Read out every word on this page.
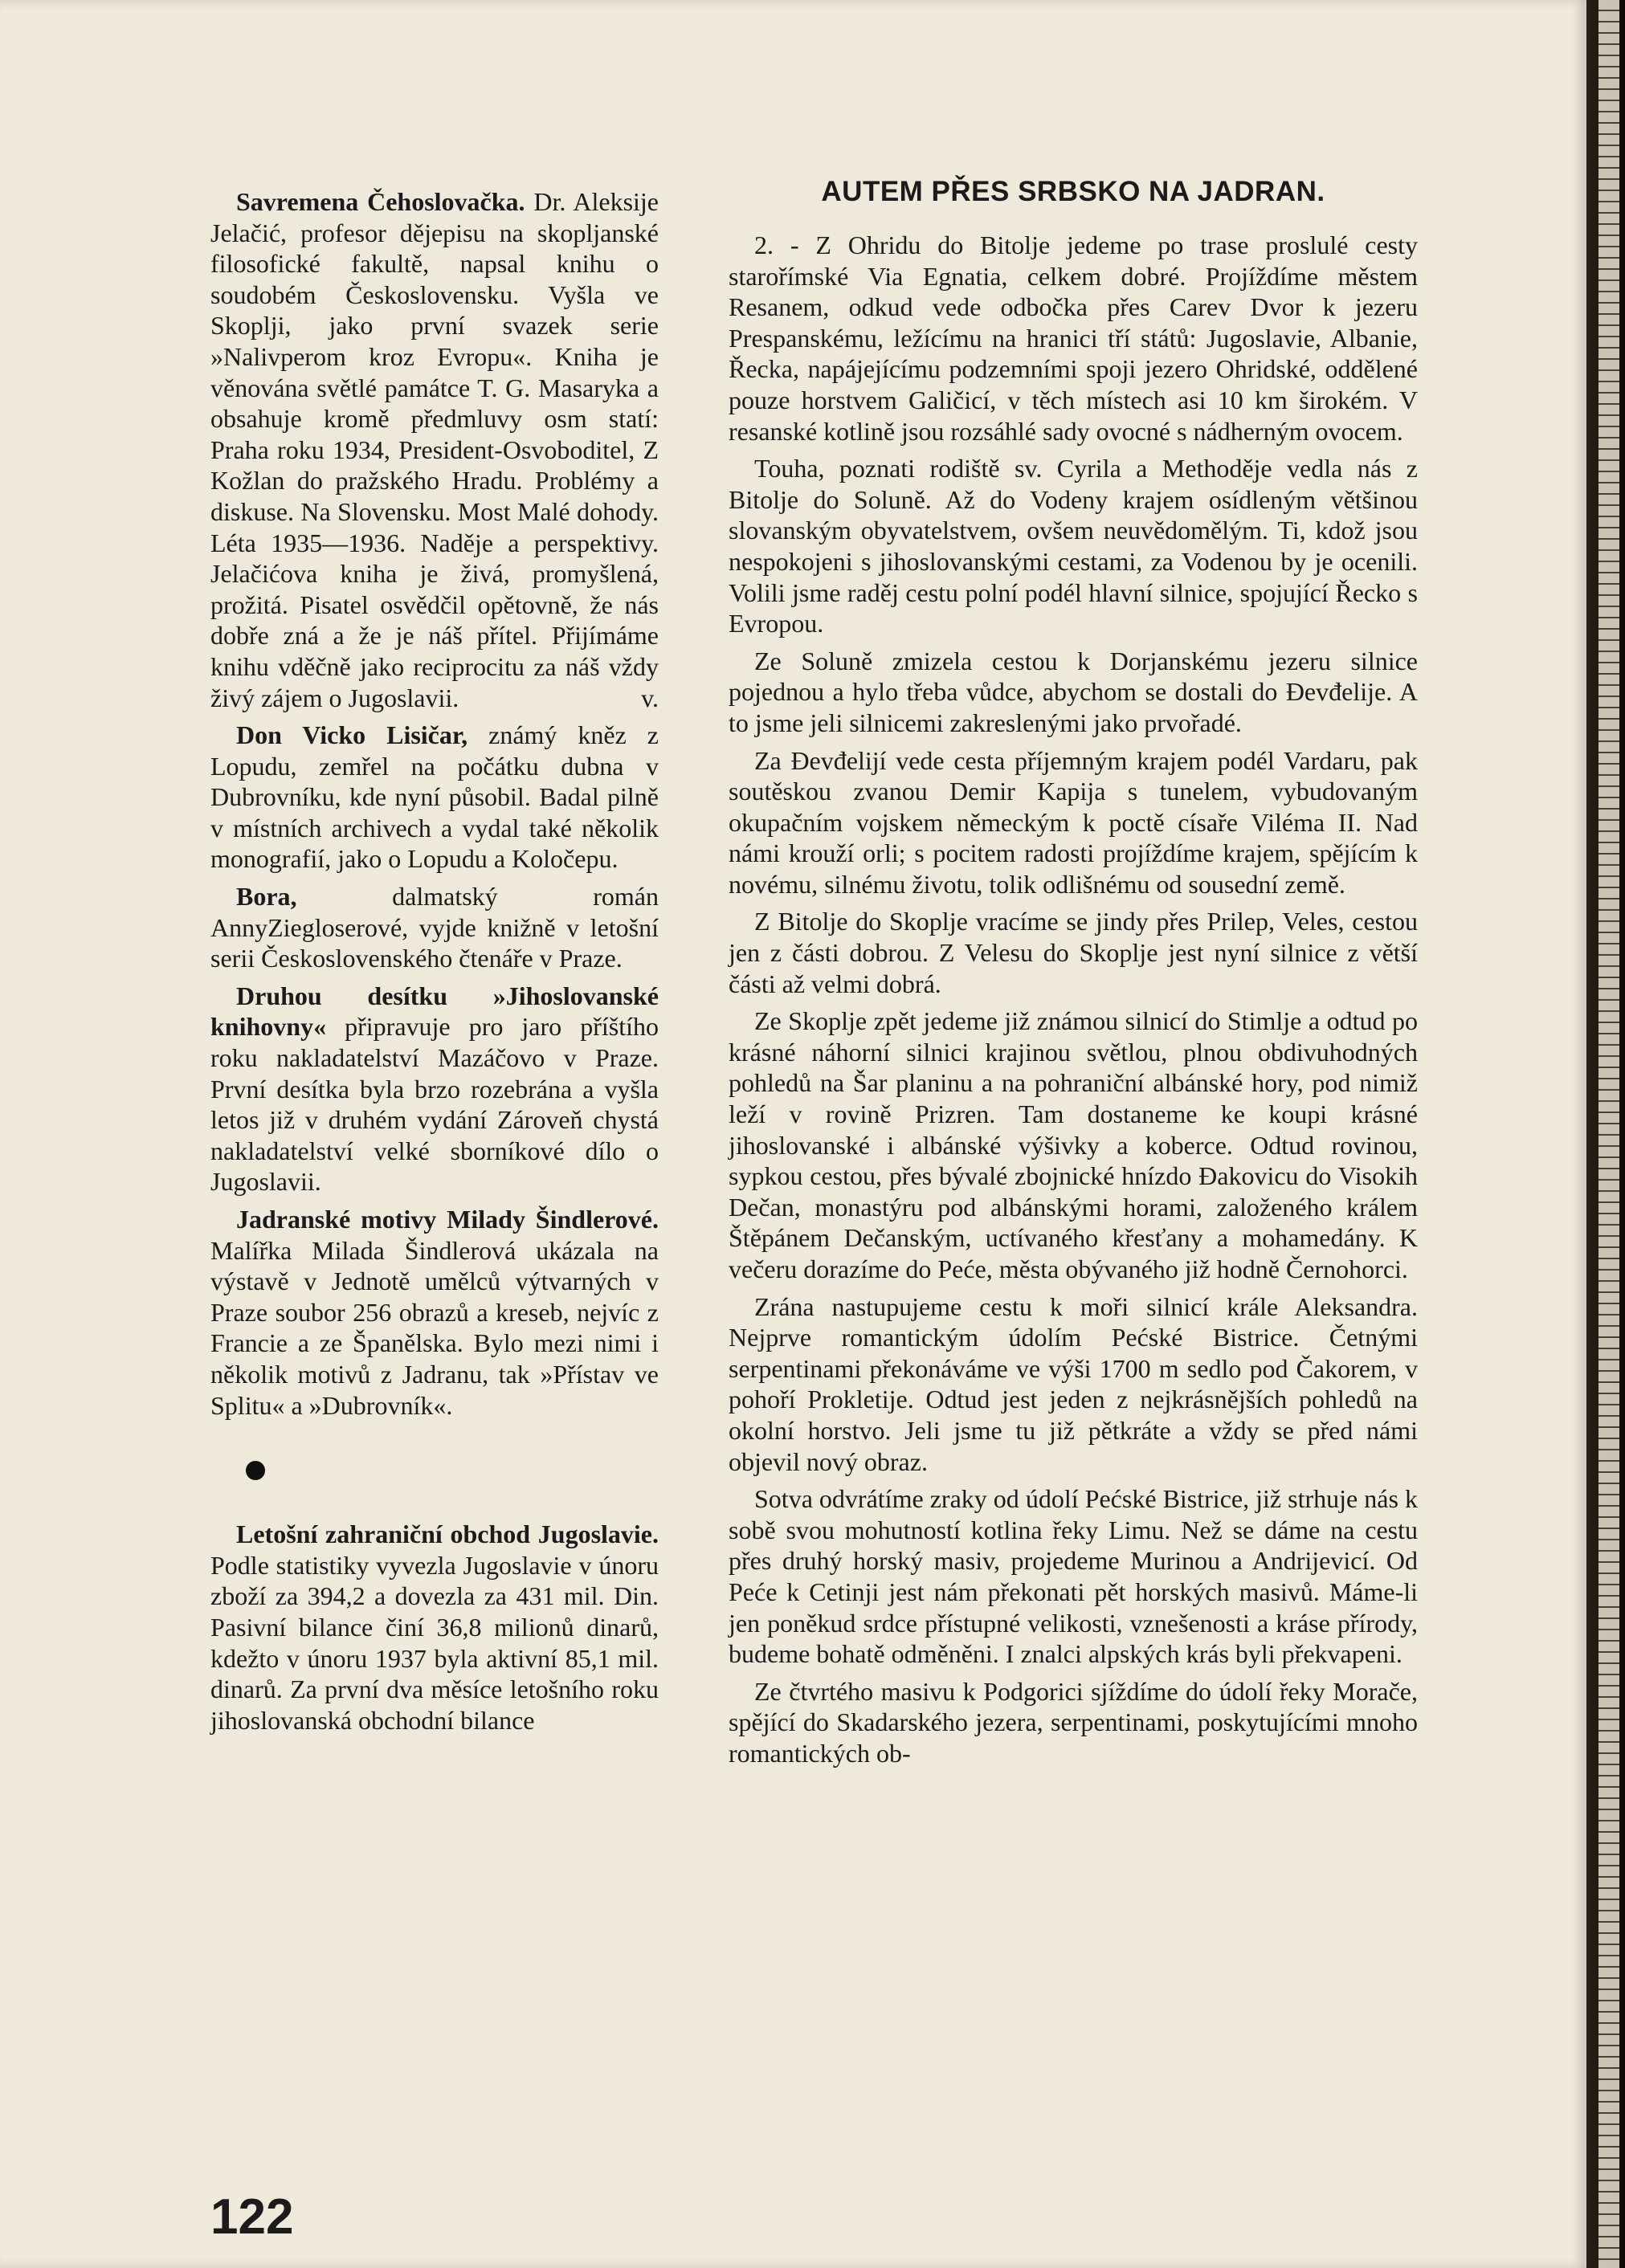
Savremena Čehoslovačka. Dr. Aleksije Jelačić, profesor dějepisu na skopljanské filosofické fakultě, napsal knihu o soudobém Československu. Vyšla ve Skoplji, jako první svazek serie »Nalivperom kroz Evropu«. Kniha je věnována světlé památce T. G. Masaryka a obsahuje kromě předmluvy osm statí: Praha roku 1934, President-Osvoboditel, Z Kožlan do pražského Hradu. Problémy a diskuse. Na Slovensku. Most Malé dohody. Léta 1935—1936. Naděje a perspektivy. Jelačićova kniha je živá, promyšlená, prožitá. Pisatel osvědčil opětovně, že nás dobře zná a že je náš přítel. Přijímáme knihu vděčně jako reciprocitu za náš vždy živý zájem o Jugoslavii.	v.

Don Vicko Lisičar, známý kněz z Lopudu, zemřel na počátku dubna v Dubrovníku, kde nyní působil. Badal pilně v místních archivech a vydal také několik monografií, jako o Lopudu a Koločepu.

Bora, dalmatský román AnnyZiegloserové, vyjde knižně v letošní serii Československého čtenáře v Praze.

Druhou desítku »Jihoslovanské knihovny« připravuje pro jaro příštího roku nakladatelství Mazáčovo v Praze. První desítka byla brzo rozebrána a vyšla letos již v druhém vydání Zároveň chystá nakladatelství velké sborníkové dílo o Jugoslavii.

Jadranské motivy Milady Šindlerové. Malířka Milada Šindlerová ukázala na výstavě v Jednotě umělců výtvarných v Praze soubor 256 obrazů a kreseb, nejvíc z Francie a ze Španělska. Bylo mezi nimi i několik motivů z Jadranu, tak »Přístav ve Splitu« a »Dubrovník«.

Letošní zahraniční obchod Jugoslavie. Podle statistiky vyvezla Jugoslavie v únoru zboží za 394,2 a dovezla za 431 mil. Din. Pasivní bilance činí 36,8 milionů dinarů, kdežto v únoru 1937 byla aktivní 85,1 mil. dinarů. Za první dva měsíce letošního roku jihoslovanská obchodní bilance

AUTEM PŘES SRBSKO NA JADRAN.

2. - Z Ohridu do Bitolje jedeme po trase proslulé cesty starořímské Via Egnatia, celkem dobré. Projíždíme městem Resanem, odkud vede odbočka přes Carev Dvor k jezeru Prespanskému, ležícímu na hranici tří států: Jugoslavie, Albanie, Řecka, napájejícímu podzemními spoji jezero Ohridské, oddělené pouze horstvem Galičicí, v těch místech asi 10 km širokém. V resanské kotlině jsou rozsáhlé sady ovocné s nádherným ovocem.

Touha, poznati rodiště sv. Cyrila a Methoděje vedla nás z Bitolje do Soluně. Až do Vodeny krajem osídleným většinou slovanským obyvatelstvem, ovšem neuvědomělým. Ti, kdož jsou nespokojeni s jihoslovanskými cestami, za Vodenou by je ocenili. Volili jsme raděj cestu polní podél hlavní silnice, spojující Řecko s Evropou.

Ze Soluně zmizela cestou k Dorjanskému jezeru silnice pojednou a hylo třeba vůdce, abychom se dostali do Đevđelije. A to jsme jeli silnicemi zakreslenými jako prvořadé.

Za Đevđelijí vede cesta příjemným krajem podél Vardaru, pak soutěskou zvanou Demir Kapija s tunelem, vybudovaným okupačním vojskem německým k poctě císaře Viléma II. Nad námi krouží orli; s pocitem radosti projíždíme krajem, spějícím k novému, silnému životu, tolik odlišnému od sousední země.

Z Bitolje do Skoplje vracíme se jindy přes Prilep, Veles, cestou jen z části dobrou. Z Velesu do Skoplje jest nyní silnice z větší části až velmi dobrá.

Ze Skoplje zpět jedeme již známou silnicí do Stimlje a odtud po krásné náhorní silnici krajinou světlou, plnou obdivuhodných pohledů na Šar planinu a na pohraniční albánské hory, pod nimiž leží v rovině Prizren. Tam dostaneme ke koupi krásné jihoslovanské i albánské výšivky a koberce. Odtud rovinou, sypkou cestou, přes bývalé zbojnické hnízdo Đakovicu do Visokih Dečan, monastýru pod albánskými horami, založeného králem Štěpánem Dečanským, uctívaného křesťany a mohamedány. K večeru dorazíme do Peće, města obývaného již hodně Černohorci.

Zrána nastupujeme cestu k moři silnicí krále Aleksandra. Nejprve romantickým údolím Pećské Bistrice. Četnými serpentinami překonáváme ve výši 1700 m sedlo pod Čakorem, v pohoří Prokletije. Odtud jest jeden z nejkrásnějších pohledů na okolní horstvo. Jeli jsme tu již pětkráte a vždy se před námi objevil nový obraz.

Sotva odvrátíme zraky od údolí Pećské Bistrice, již strhuje nás k sobě svou mohutností kotlina řeky Limu. Než se dáme na cestu přes druhý horský masiv, projedeme Murinou a Andrijevicí. Od Peće k Cetinji jest nám překonati pět horských masivů. Máme-li jen poněkud srdce přístupné velikosti, vznešenosti a kráse přírody, budeme bohatě odměněni. I znalci alpských krás byli překvapeni.

Ze čtvrtého masivu k Podgorici sjíždíme do údolí řeky Morače, spějící do Skadarského jezera, serpentinami, poskytujícími mnoho romantických ob-

122
